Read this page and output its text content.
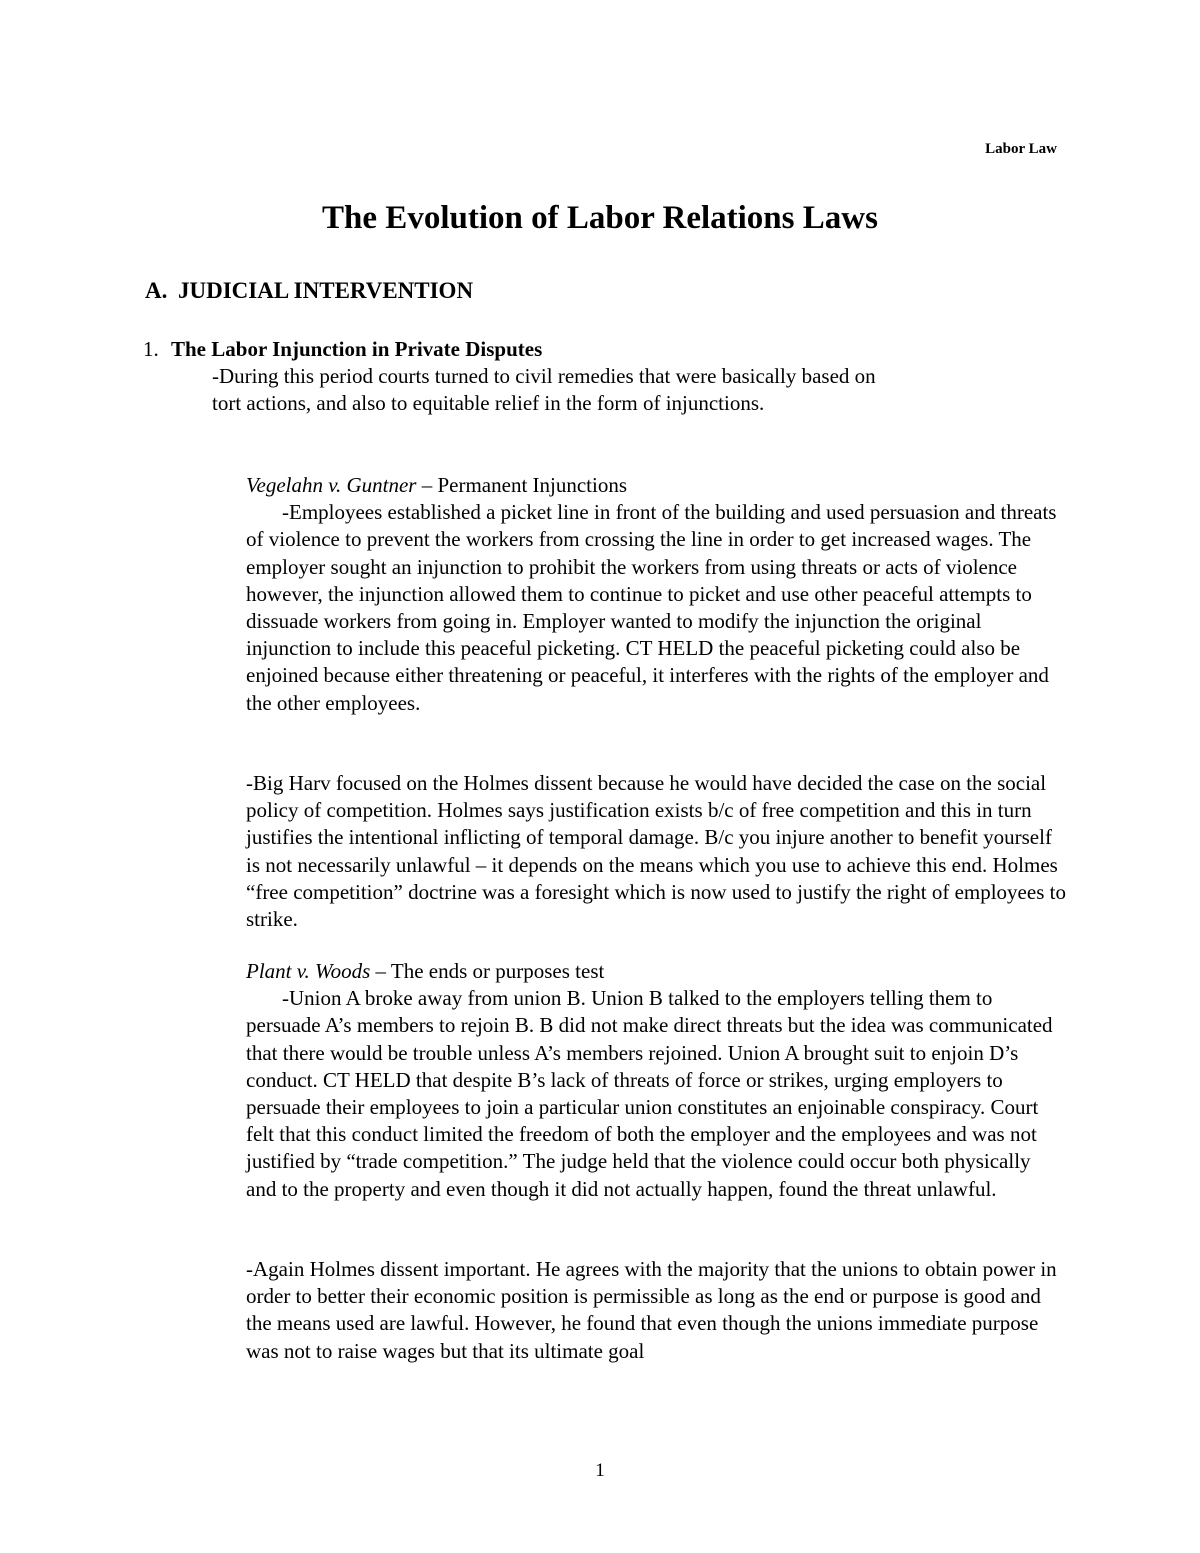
Labor Law
The Evolution of Labor Relations Laws
A. JUDICIAL INTERVENTION
1. The Labor Injunction in Private Disputes

-During this period courts turned to civil remedies that were basically based on tort actions, and also to equitable relief in the form of injunctions.

Vegelahn v. Guntner – Permanent Injunctions
-Employees established a picket line in front of the building and used persuasion and threats of violence to prevent the workers from crossing the line in order to get increased wages. The employer sought an injunction to prohibit the workers from using threats or acts of violence however, the injunction allowed them to continue to picket and use other peaceful attempts to dissuade workers from going in. Employer wanted to modify the injunction the original injunction to include this peaceful picketing. CT HELD the peaceful picketing could also be enjoined because either threatening or peaceful, it interferes with the rights of the employer and the other employees.

-Big Harv focused on the Holmes dissent because he would have decided the case on the social policy of competition. Holmes says justification exists b/c of free competition and this in turn justifies the intentional inflicting of temporal damage. B/c you injure another to benefit yourself is not necessarily unlawful – it depends on the means which you use to achieve this end. Holmes “free competition” doctrine was a foresight which is now used to justify the right of employees to strike.

Plant v. Woods – The ends or purposes test
-Union A broke away from union B. Union B talked to the employers telling them to persuade A’s members to rejoin B. B did not make direct threats but the idea was communicated that there would be trouble unless A’s members rejoined. Union A brought suit to enjoin D’s conduct. CT HELD that despite B’s lack of threats of force or strikes, urging employers to persuade their employees to join a particular union constitutes an enjoinable conspiracy. Court felt that this conduct limited the freedom of both the employer and the employees and was not justified by “trade competition.” The judge held that the violence could occur both physically and to the property and even though it did not actually happen, found the threat unlawful.

-Again Holmes dissent important. He agrees with the majority that the unions to obtain power in order to better their economic position is permissible as long as the end or purpose is good and the means used are lawful. However, he found that even though the unions immediate purpose was not to raise wages but that its ultimate goal

1
